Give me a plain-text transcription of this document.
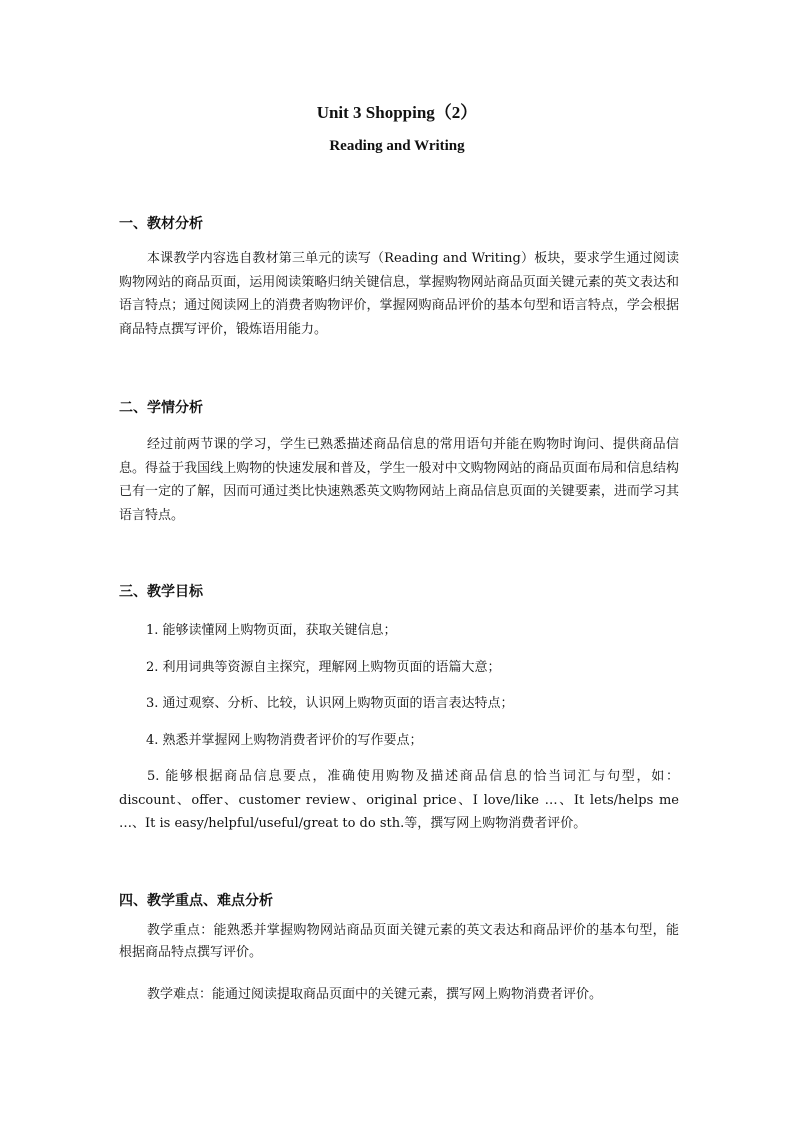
Unit 3 Shopping（2）
Reading and Writing
一、教材分析
本课教学内容选自教材第三单元的读写（Reading and Writing）板块，要求学生通过阅读购物网站的商品页面，运用阅读策略归纳关键信息，掌握购物网站商品页面关键元素的英文表达和语言特点；通过阅读网上的消费者购物评价，掌握网购商品评价的基本句型和语言特点，学会根据商品特点撰写评价，锻炼语用能力。
二、学情分析
经过前两节课的学习，学生已熟悉描述商品信息的常用语句并能在购物时询问、提供商品信息。得益于我国线上购物的快速发展和普及，学生一般对中文购物网站的商品页面布局和信息结构已有一定的了解，因而可通过类比快速熟悉英文购物网站上商品信息页面的关键要素，进而学习其语言特点。
三、教学目标
1. 能够读懂网上购物页面，获取关键信息；
2. 利用词典等资源自主探究，理解网上购物页面的语篇大意；
3. 通过观察、分析、比较，认识网上购物页面的语言表达特点；
4. 熟悉并掌握网上购物消费者评价的写作要点；
5. 能够根据商品信息要点，准确使用购物及描述商品信息的恰当词汇与句型，如：discount、offer、customer review、original price、I love/like …、It lets/helps me …、It is easy/helpful/useful/great to do sth.等，撰写网上购物消费者评价。
四、教学重点、难点分析
教学重点：能熟悉并掌握购物网站商品页面关键元素的英文表达和商品评价的基本句型，能根据商品特点撰写评价。
教学难点：能通过阅读提取商品页面中的关键元素，撰写网上购物消费者评价。
